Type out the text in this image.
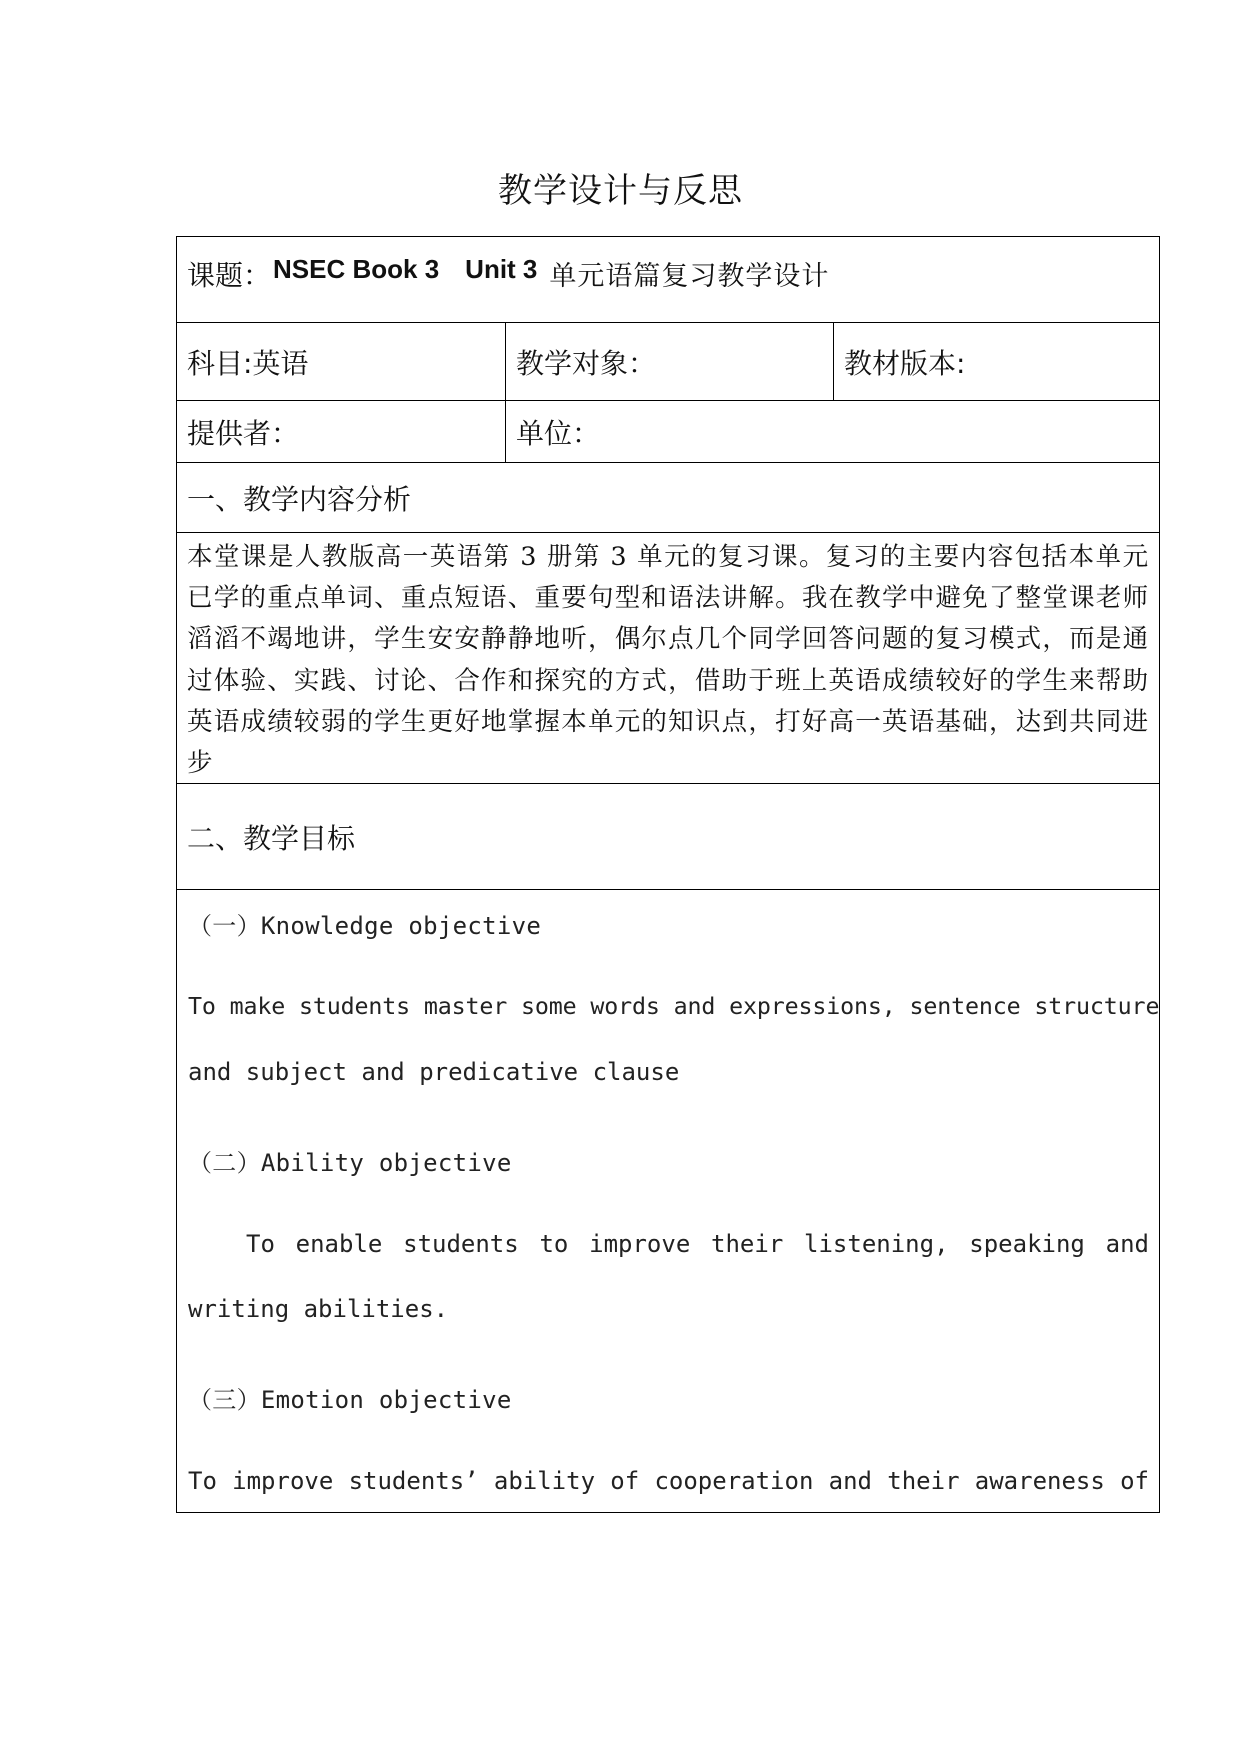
教学设计与反思
课题： NSEC Book 3 Unit 3 单元语篇复习教学设计
科目:英语	教学对象：	教材版本:
提供者：	单位：
一、教学内容分析
本堂课是人教版高一英语第 3 册第 3 单元的复习课。复习的主要内容包括本单元已学的重点单词、重点短语、重要句型和语法讲解。我在教学中避免了整堂课老师滔滔不竭地讲，学生安安静静地听，偶尔点几个同学回答问题的复习模式，而是通过体验、实践、讨论、合作和探究的方式，借助于班上英语成绩较好的学生来帮助英语成绩较弱的学生更好地掌握本单元的知识点，打好高一英语基础，达到共同进步
二、教学目标
（一）Knowledge objective
To make students master some words and expressions, sentence structure
and subject and predicative clause
（二）Ability objective
To enable students to improve their listening, speaking and
writing abilities.
（三）Emotion objective
To improve students’ ability of cooperation and their awareness of
